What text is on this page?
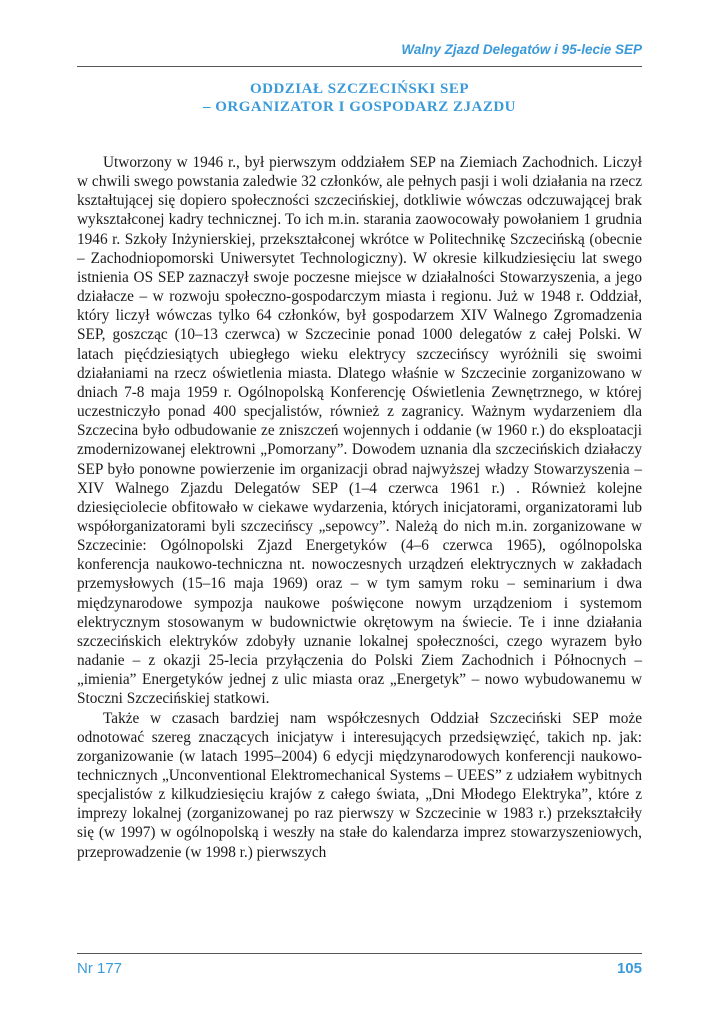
Walny Zjazd Delegatów i 95-lecie SEP
ODDZIAŁ SZCZECIŃSKI SEP
– ORGANIZATOR I GOSPODARZ ZJAZDU

Utworzony w 1946 r., był pierwszym oddziałem SEP na Ziemiach Zachodnich. Liczył w chwili swego powstania zaledwie 32 członków, ale pełnych pasji i woli działania na rzecz kształtującej się dopiero społeczności szczecińskiej, dotkliwie wówczas odczuwającej brak wykształconej kadry technicznej. To ich m.in. starania zaowocowały powołaniem 1 grudnia 1946 r. Szkoły Inżynierskiej, przekształconej wkrótce w Politechnikę Szczecińską (obecnie – Zachodniopomorski Uniwersytet Technologiczny). W okresie kilkudziesięciu lat swego istnienia OS SEP zaznaczył swoje poczesne miejsce w działalności Stowarzyszenia, a jego działacze – w rozwoju społeczno-gospodarczym miasta i regionu. Już w 1948 r. Oddział, który liczył wówczas tylko 64 członków, był gospodarzem XIV Walnego Zgromadzenia SEP, goszcząc (10–13 czerwca) w Szczecinie ponad 1000 delegatów z całej Polski. W latach pięćdziesiątych ubiegłego wieku elektrycy szczecińscy wyróżnili się swoimi działaniami na rzecz oświetlenia miasta. Dlatego właśnie w Szczecinie zorganizowano w dniach 7-8 maja 1959 r. Ogólnopolską Konferencję Oświetlenia Zewnętrznego, w której uczestniczyło ponad 400 specjalistów, również z zagranicy. Ważnym wydarzeniem dla Szczecina było odbudowanie ze zniszczeń wojennych i oddanie (w 1960 r.) do eksploatacji zmodernizowanej elektrowni „Pomorzany”. Dowodem uznania dla szczecińskich działaczy SEP było ponowne powierzenie im organizacji obrad najwyższej władzy Stowarzyszenia – XIV Walnego Zjazdu Delegatów SEP (1–4 czerwca 1961 r.) . Również kolejne dziesięciolecie obfitowało w ciekawe wydarzenia, których inicjatorami, organizatorami lub współorganizatorami byli szczecińscy „sepowcy”. Należą do nich m.in. zorganizowane w Szczecinie: Ogólnopolski Zjazd Energetyków (4–6 czerwca 1965), ogólnopolska konferencja naukowo-techniczna nt. nowoczesnych urządzeń elektrycznych w zakładach przemysłowych (15–16 maja 1969) oraz – w tym samym roku – seminarium i dwa międzynarodowe sympozja naukowe poświęcone nowym urządzeniom i systemom elektrycznym stosowanym w budownictwie okrętowym na świecie. Te i inne działania szczecińskich elektryków zdobyły uznanie lokalnej społeczności, czego wyrazem było nadanie – z okazji 25-lecia przyłączenia do Polski Ziem Zachodnich i Północnych – „imienia” Energetyków jednej z ulic miasta oraz „Energetyk” – nowo wybudowanemu w Stoczni Szczecińskiej statkowi.

Także w czasach bardziej nam współczesnych Oddział Szczeciński SEP może odnotować szereg znaczących inicjatyw i interesujących przedsięwzięć, takich np. jak: zorganizowanie (w latach 1995–2004) 6 edycji międzynarodowych konferencji naukowo-technicznych „Unconventional Elektromechanical Systems – UEES” z udziałem wybitnych specjalistów z kilkudziesięciu krajów z całego świata, „Dni Młodego Elektryka”, które z imprezy lokalnej (zorganizowanej po raz pierwszy w Szczecinie w 1983 r.) przekształciły się (w 1997) w ogólnopolską i weszły na stałe do kalendarza imprez stowarzyszeniowych, przeprowadzenie (w 1998 r.) pierwszych

Nr 177	105
